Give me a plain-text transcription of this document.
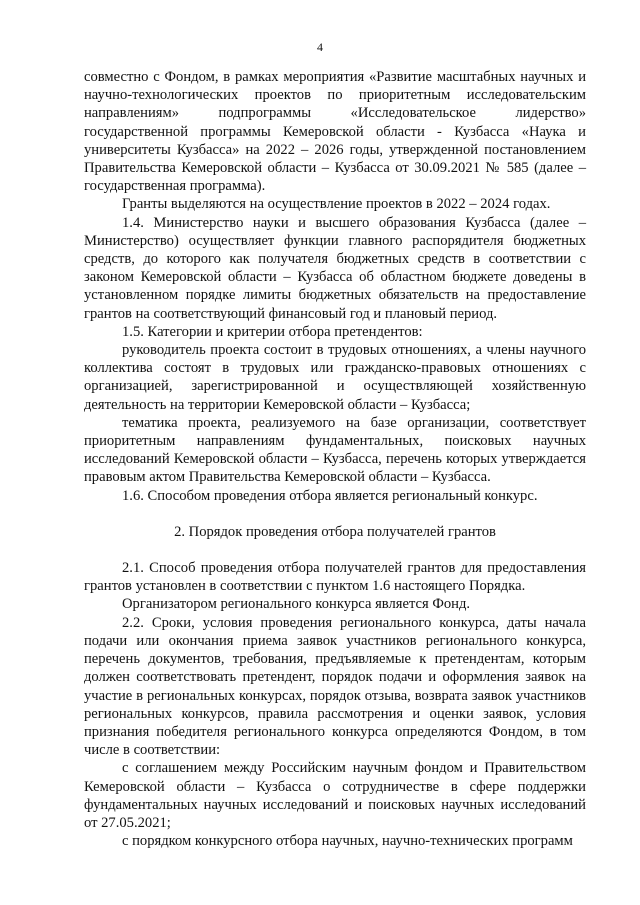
4

совместно с Фондом, в рамках мероприятия «Развитие масштабных научных и научно-технологических проектов по приоритетным исследовательским направлениям» подпрограммы «Исследовательское лидерство» государственной программы Кемеровской области - Кузбасса «Наука и университеты Кузбасса» на 2022 – 2026 годы, утвержденной постановлением Правительства Кемеровской области – Кузбасса от 30.09.2021 № 585 (далее – государственная программа).

Гранты выделяются на осуществление проектов в 2022 – 2024 годах.

1.4. Министерство науки и высшего образования Кузбасса (далее – Министерство) осуществляет функции главного распорядителя бюджетных средств, до которого как получателя бюджетных средств в соответствии с законом Кемеровской области – Кузбасса об областном бюджете доведены в установленном порядке лимиты бюджетных обязательств на предоставление грантов на соответствующий финансовый год и плановый период.

1.5. Категории и критерии отбора претендентов:

руководитель проекта состоит в трудовых отношениях, а члены научного коллектива состоят в трудовых или гражданско-правовых отношениях с организацией, зарегистрированной и осуществляющей хозяйственную деятельность на территории Кемеровской области – Кузбасса;

тематика проекта, реализуемого на базе организации, соответствует приоритетным направлениям фундаментальных, поисковых научных исследований Кемеровской области – Кузбасса, перечень которых утверждается правовым актом Правительства Кемеровской области – Кузбасса.

1.6. Способом проведения отбора является региональный конкурс.

2. Порядок проведения отбора получателей грантов

2.1. Способ проведения отбора получателей грантов для предоставления грантов установлен в соответствии с пунктом 1.6 настоящего Порядка.

Организатором регионального конкурса является Фонд.

2.2. Сроки, условия проведения регионального конкурса, даты начала подачи или окончания приема заявок участников регионального конкурса, перечень документов, требования, предъявляемые к претендентам, которым должен соответствовать претендент, порядок подачи и оформления заявок на участие в региональных конкурсах, порядок отзыва, возврата заявок участников региональных конкурсов, правила рассмотрения и оценки заявок, условия признания победителя регионального конкурса определяются Фондом, в том числе в соответствии:

с соглашением между Российским научным фондом и Правительством Кемеровской области – Кузбасса о сотрудничестве в сфере поддержки фундаментальных научных исследований и поисковых научных исследований от 27.05.2021;

с порядком конкурсного отбора научных, научно-технических программ
